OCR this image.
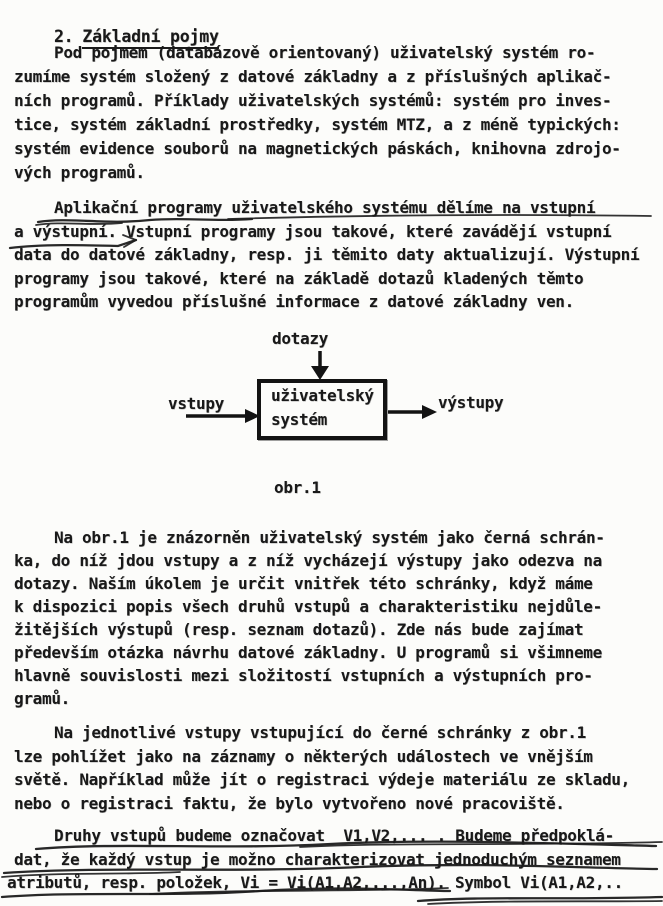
2. Základní pojmy

Pod pojmem (databázově orientovaný) uživatelský systém ro-
zumíme systém složený z datové základny a z příslušných aplikač-
ních programů. Příklady uživatelských systémů: systém pro inves-
tice, systém základní prostředky, systém MTZ, a z méně typických:
systém evidence souborů na magnetických páskách, knihovna zdrojo-
vých programů.
Aplikační programy uživatelského systému dělíme na vstupní
a výstupní. Vstupní programy jsou takové, které zavádějí vstupní
data do datové základny, resp. ji těmito daty aktualizují. Výstupní
programy jsou takové, které na základě dotazů kladených těmto
programům vyvedou příslušné informace z datové základny ven.
dotazy
vstupy	výstupy
uživatelský
systém
obr.1
Na obr.1 je znázorněn uživatelský systém jako černá schrán-
ka, do níž jdou vstupy a z níž vycházejí výstupy jako odezva na
dotazy. Naším úkolem je určit vnitřek této schránky, když máme
k dispozici popis všech druhů vstupů a charakteristiku nejdůle-
žitějších výstupů (resp. seznam dotazů). Zde nás bude zajímat
především otázka návrhu datové základny. U programů si všimneme
hlavně souvislosti mezi složitostí vstupních a výstupních pro-
gramů.
Na jednotlivé vstupy vstupující do černé schránky z obr.1
lze pohlížet jako na záznamy o některých událostech ve vnějším
světě. Například může jít o registraci výdeje materiálu ze skladu,
nebo o registraci faktu, že bylo vytvořeno nové pracoviště.
Druhy vstupů budeme označovat  V1,V2,... . Budeme předpoklá-
dat, že každý vstup je možno charakterizovat jednoduchým seznamem
atributů, resp. položek, Vi = Vi(A1,A2,...,An). Symbol Vi(A1,A2,..
